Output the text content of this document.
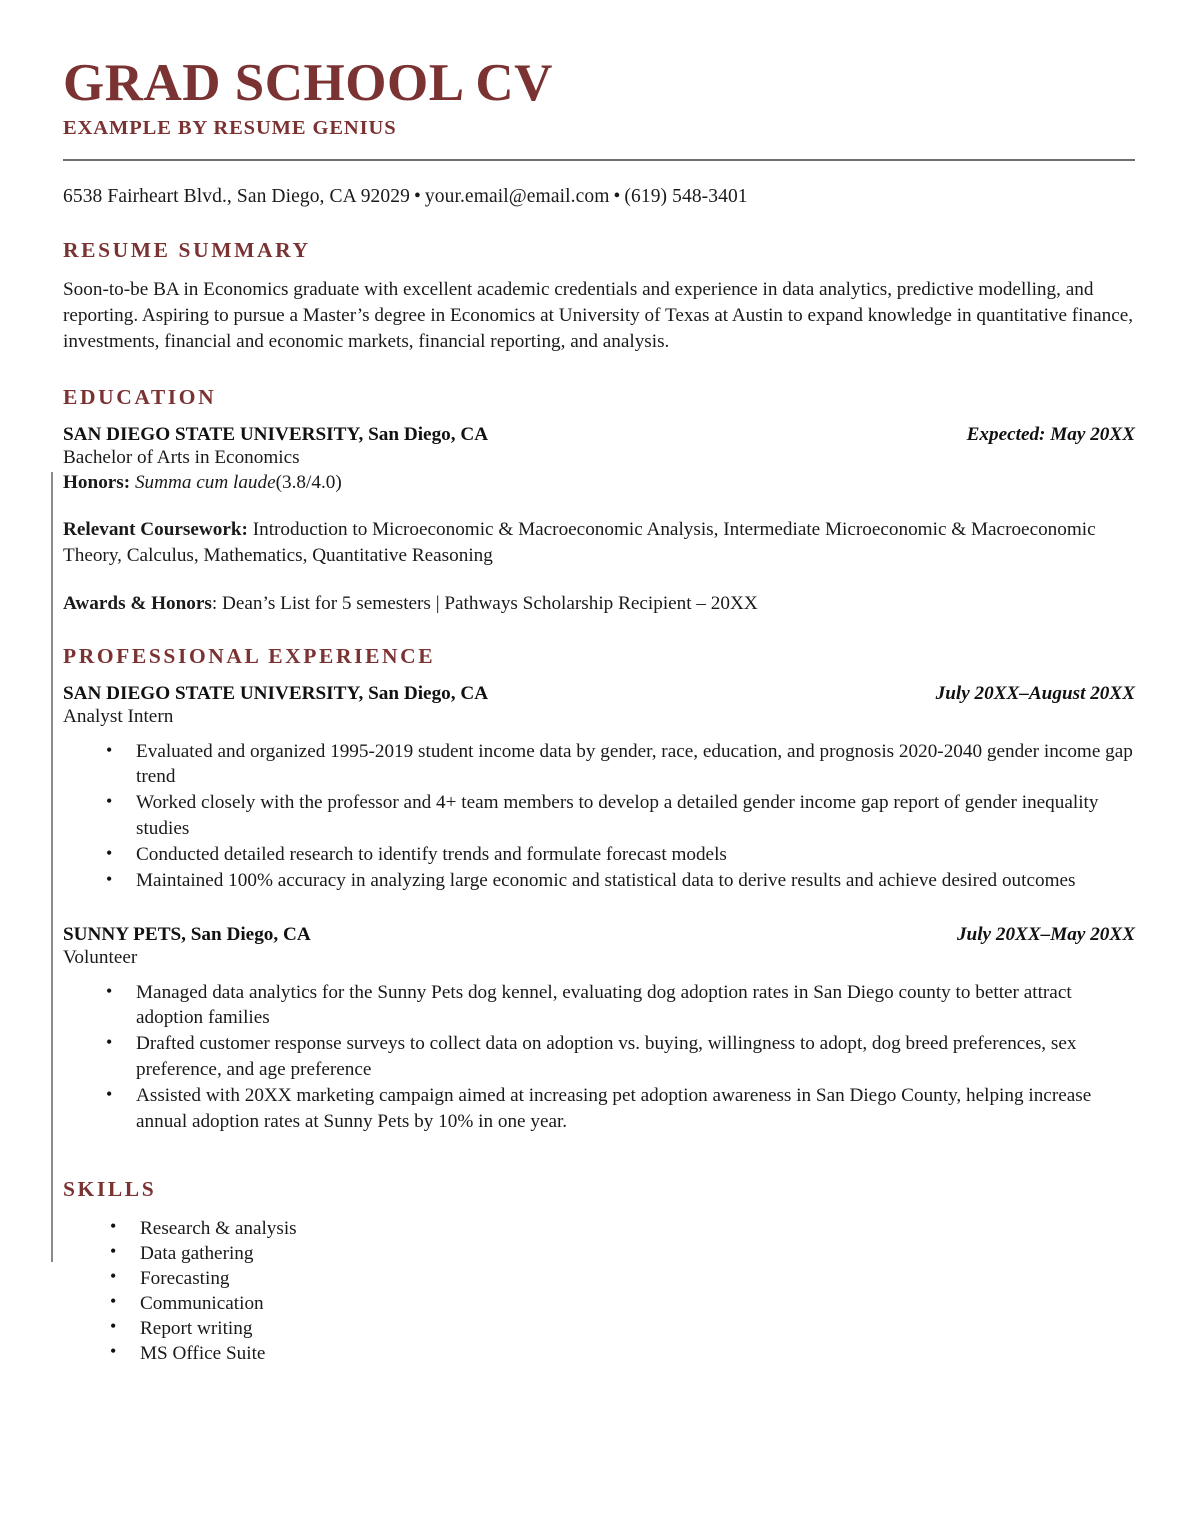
GRAD SCHOOL CV
EXAMPLE BY RESUME GENIUS
6538 Fairheart Blvd., San Diego, CA 92029 • your.email@email.com • (619) 548-3401
RESUME SUMMARY

Soon-to-be BA in Economics graduate with excellent academic credentials and experience in data analytics, predictive modelling, and reporting. Aspiring to pursue a Master’s degree in Economics at University of Texas at Austin to expand knowledge in quantitative finance, investments, financial and economic markets, financial reporting, and analysis.

EDUCATION
SAN DIEGO STATE UNIVERSITY, San Diego, CA	Expected: May 20XX
Bachelor of Arts in Economics
Honors: Summa cum laude(3.8/4.0)

Relevant Coursework: Introduction to Microeconomic & Macroeconomic Analysis, Intermediate Microeconomic & Macroeconomic Theory, Calculus, Mathematics, Quantitative Reasoning

Awards & Honors: Dean’s List for 5 semesters | Pathways Scholarship Recipient – 20XX

PROFESSIONAL EXPERIENCE
SAN DIEGO STATE UNIVERSITY, San Diego, CA	July 20XX–August 20XX
Analyst Intern
• Evaluated and organized 1995-2019 student income data by gender, race, education, and prognosis 2020-2040 gender income gap trend
• Worked closely with the professor and 4+ team members to develop a detailed gender income gap report of gender inequality studies
• Conducted detailed research to identify trends and formulate forecast models
• Maintained 100% accuracy in analyzing large economic and statistical data to derive results and achieve desired outcomes
SUNNY PETS, San Diego, CA	July 20XX–May 20XX
Volunteer
• Managed data analytics for the Sunny Pets dog kennel, evaluating dog adoption rates in San Diego county to better attract adoption families
• Drafted customer response surveys to collect data on adoption vs. buying, willingness to adopt, dog breed preferences, sex preference, and age preference
• Assisted with 20XX marketing campaign aimed at increasing pet adoption awareness in San Diego County, helping increase annual adoption rates at Sunny Pets by 10% in one year.
SKILLS
• Research & analysis
• Data gathering
• Forecasting
• Communication
• Report writing
• MS Office Suite
